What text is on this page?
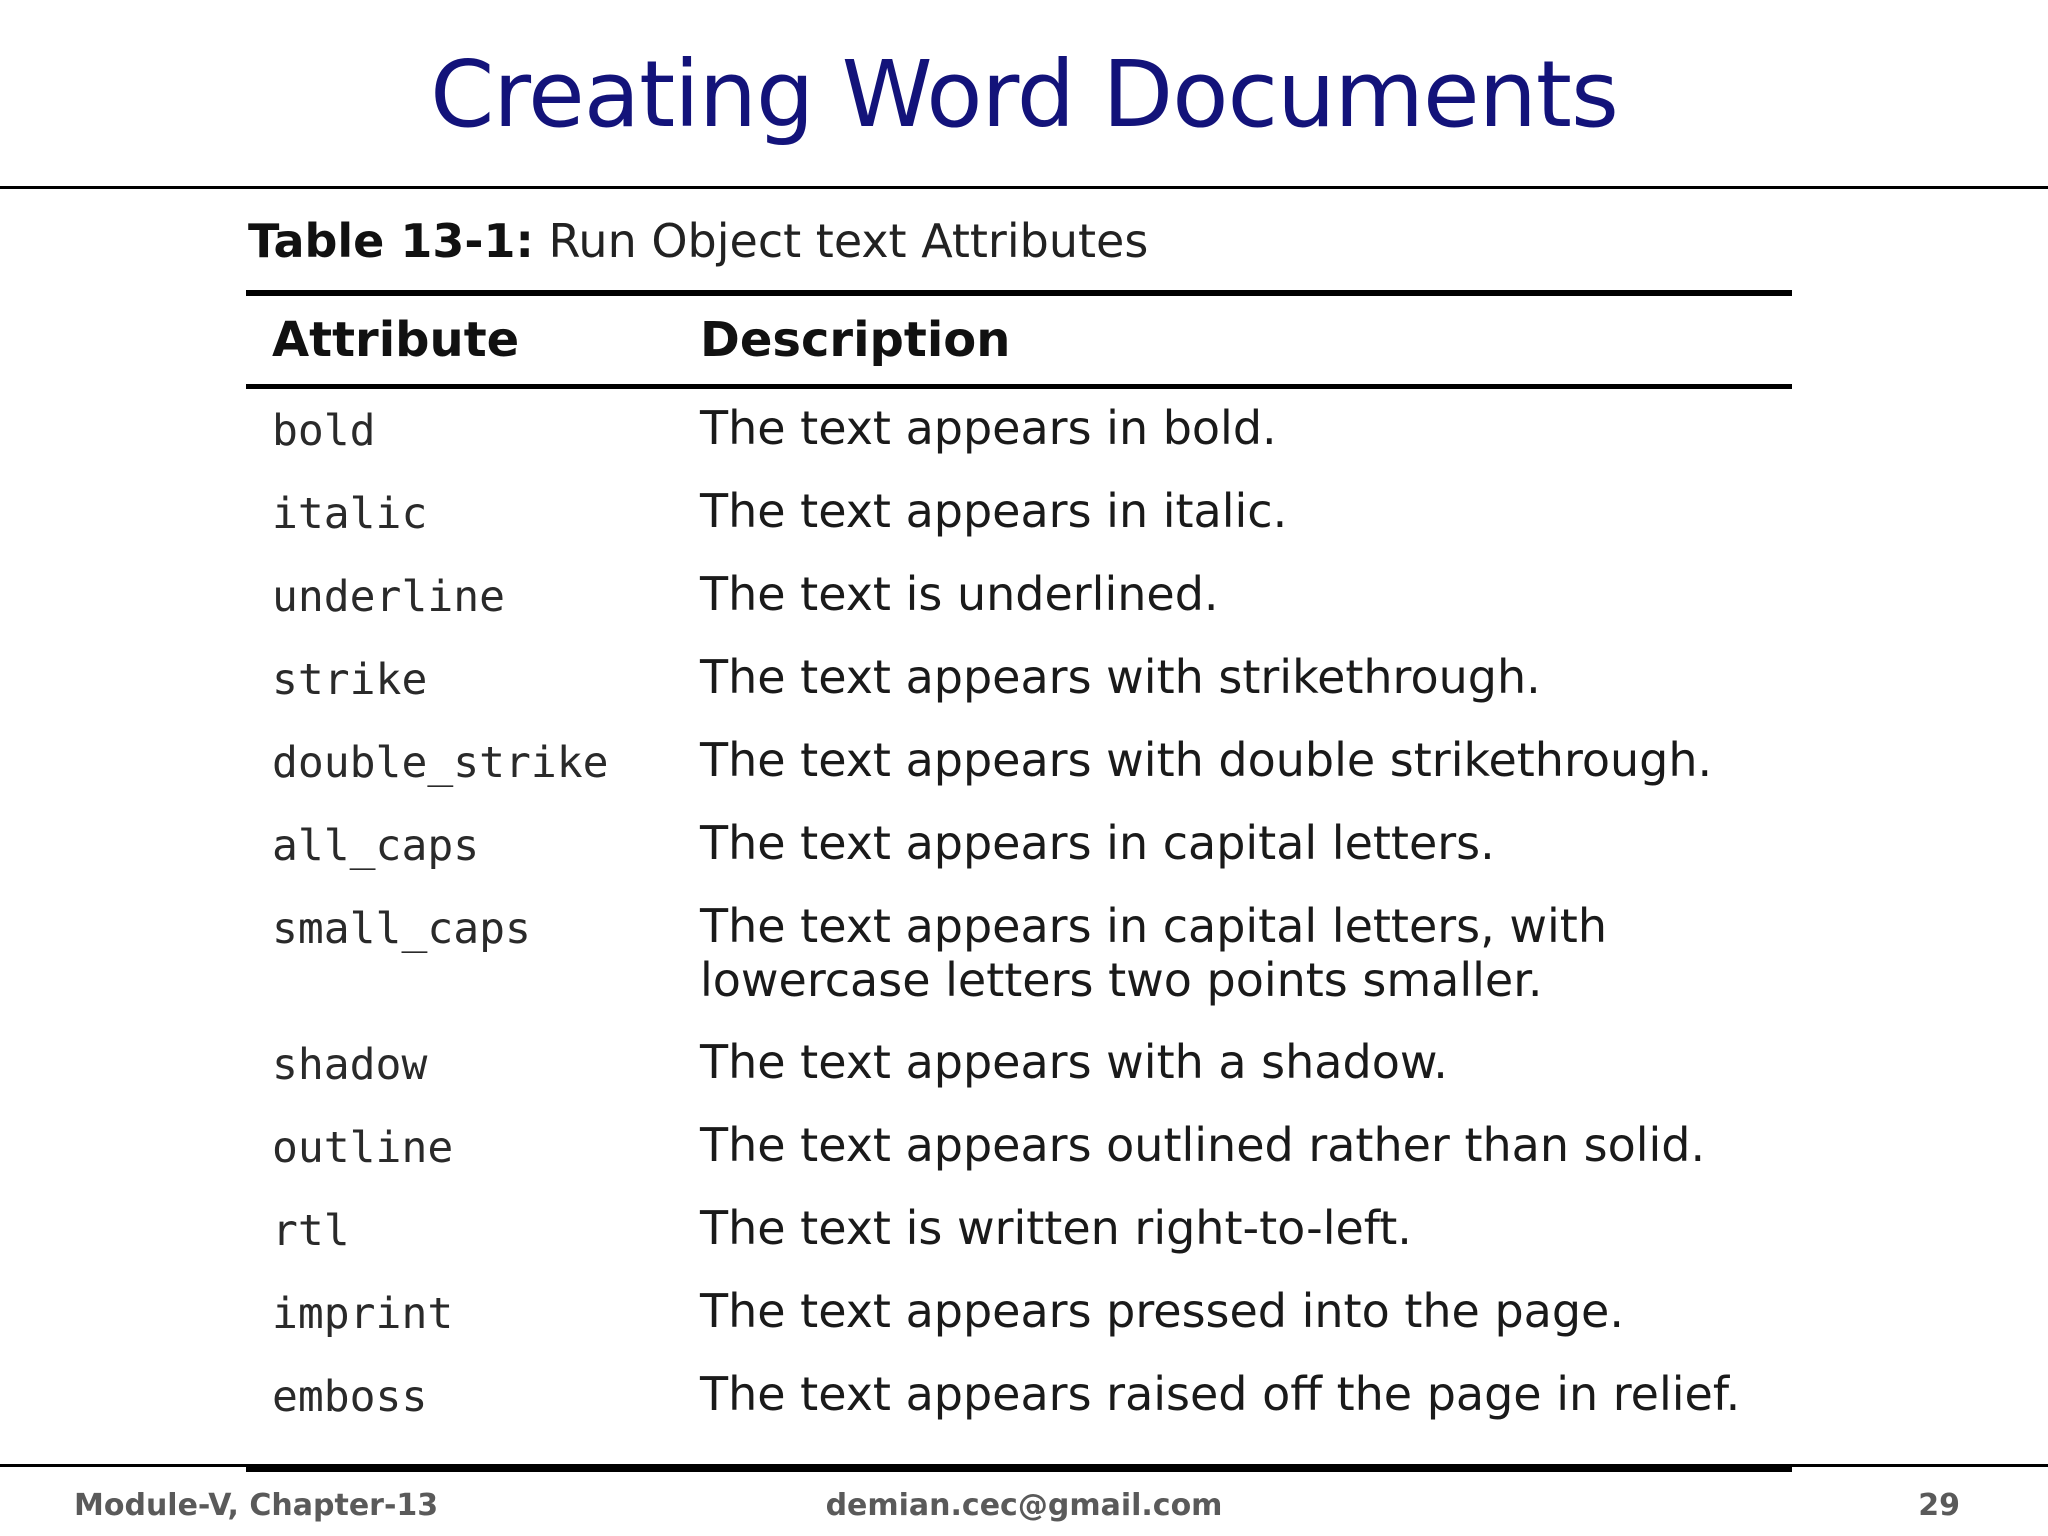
Creating Word Documents
Table 13-1: Run Object text Attributes
Attribute	Description
bold	The text appears in bold.
italic	The text appears in italic.
underline	The text is underlined.
strike	The text appears with strikethrough.
double_strike	The text appears with double strikethrough.
all_caps	The text appears in capital letters.
small_caps	The text appears in capital letters, with
lowercase letters two points smaller.
shadow	The text appears with a shadow.
outline	The text appears outlined rather than solid.
rtl	The text is written right-to-left.
imprint	The text appears pressed into the page.
emboss	The text appears raised off the page in relief.
Module-V, Chapter-13	demian.cec@gmail.com	29
